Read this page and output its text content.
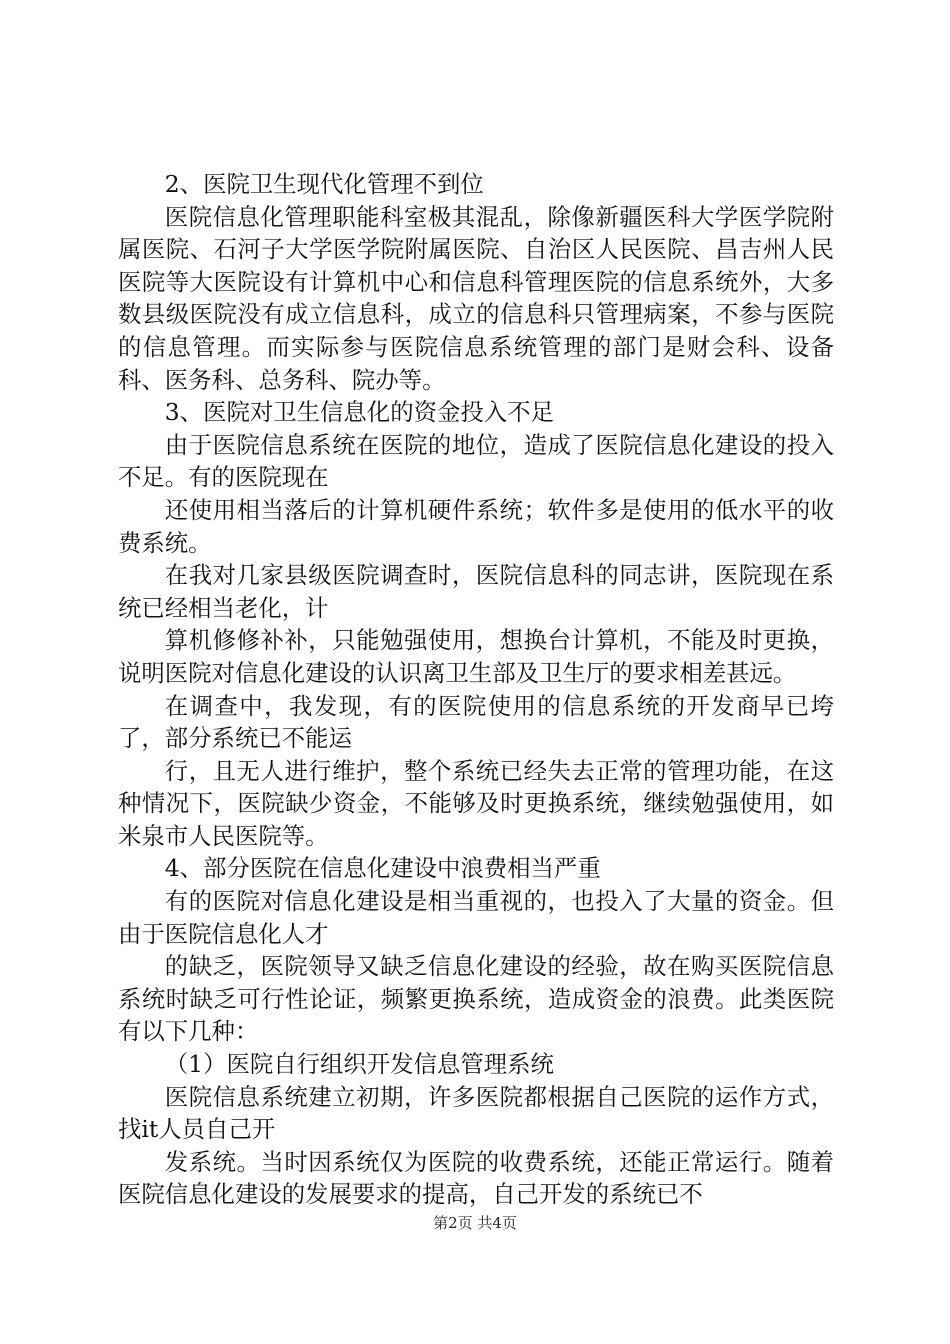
2、医院卫生现代化管理不到位

医院信息化管理职能科室极其混乱，除像新疆医科大学医学院附属医院、石河子大学医学院附属医院、自治区人民医院、昌吉州人民医院等大医院设有计算机中心和信息科管理医院的信息系统外，大多数县级医院没有成立信息科，成立的信息科只管理病案，不参与医院的信息管理。而实际参与医院信息系统管理的部门是财会科、设备科、医务科、总务科、院办等。

3、医院对卫生信息化的资金投入不足

由于医院信息系统在医院的地位，造成了医院信息化建设的投入不足。有的医院现在

还使用相当落后的计算机硬件系统；软件多是使用的低水平的收费系统。

在我对几家县级医院调查时，医院信息科的同志讲，医院现在系统已经相当老化，计

算机修修补补，只能勉强使用，想换台计算机，不能及时更换，说明医院对信息化建设的认识离卫生部及卫生厅的要求相差甚远。

在调查中，我发现，有的医院使用的信息系统的开发商早已垮了，部分系统已不能运

行，且无人进行维护，整个系统已经失去正常的管理功能，在这种情况下，医院缺少资金，不能够及时更换系统，继续勉强使用，如米泉市人民医院等。

4、部分医院在信息化建设中浪费相当严重

有的医院对信息化建设是相当重视的，也投入了大量的资金。但由于医院信息化人才

的缺乏，医院领导又缺乏信息化建设的经验，故在购买医院信息系统时缺乏可行性论证，频繁更换系统，造成资金的浪费。此类医院有以下几种：

（1）医院自行组织开发信息管理系统

医院信息系统建立初期，许多医院都根据自己医院的运作方式，找it人员自己开

发系统。当时因系统仅为医院的收费系统，还能正常运行。随着医院信息化建设的发展要求的提高，自己开发的系统已不

第2页 共4页
